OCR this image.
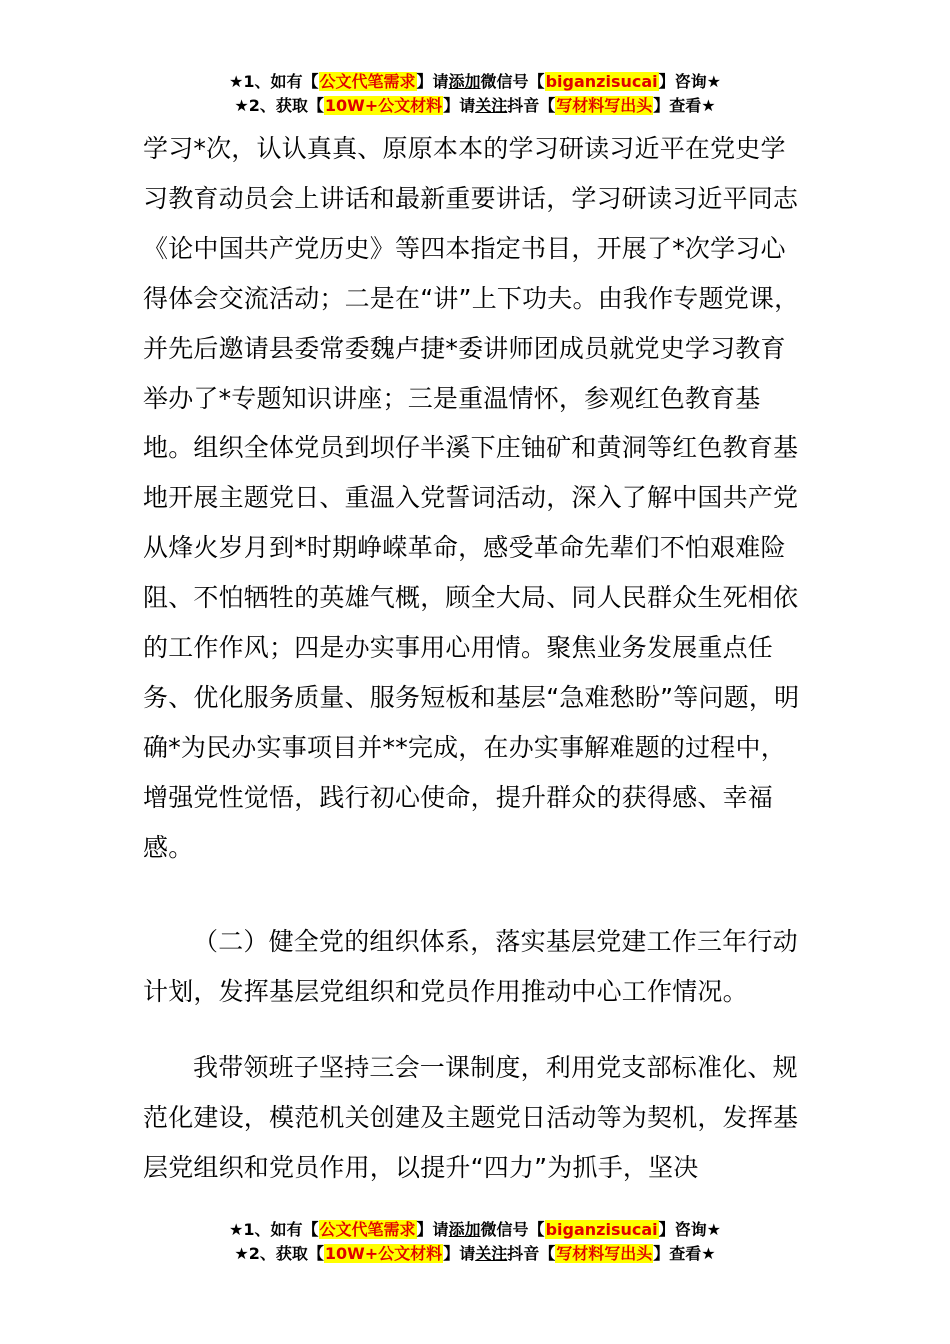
★1、如有【公文代笔需求】请添加微信号【biganzisucai】咨询★
★2、获取【10W+公文材料】请关注抖音【写材料写出头】查看★

学习*次，认认真真、原原本本的学习研读习近平在党史学习教育动员会上讲话和最新重要讲话，学习研读习近平同志《论中国共产党历史》等四本指定书目，开展了*次学习心得体会交流活动；二是在“讲”上下功夫。由我作专题党课，并先后邀请县委常委魏卢捷*委讲师团成员就党史学习教育举办了*专题知识讲座；三是重温情怀，参观红色教育基地。组织全体党员到坝仔半溪下庄铀矿和黄洞等红色教育基地开展主题党日、重温入党誓词活动，深入了解中国共产党从烽火岁月到*时期峥嵘革命，感受革命先辈们不怕艰难险阻、不怕牺牲的英雄气概，顾全大局、同人民群众生死相依的工作作风；四是办实事用心用情。聚焦业务发展重点任务、优化服务质量、服务短板和基层“急难愁盼”等问题，明确*为民办实事项目并**完成，在办实事解难题的过程中，增强党性觉悟，践行初心使命，提升群众的获得感、幸福感。

（二）健全党的组织体系，落实基层党建工作三年行动计划，发挥基层党组织和党员作用推动中心工作情况。

我带领班子坚持三会一课制度，利用党支部标准化、规范化建设，模范机关创建及主题党日活动等为契机，发挥基层党组织和党员作用，以提升“四力”为抓手，坚决

★1、如有【公文代笔需求】请添加微信号【biganzisucai】咨询★
★2、获取【10W+公文材料】请关注抖音【写材料写出头】查看★
